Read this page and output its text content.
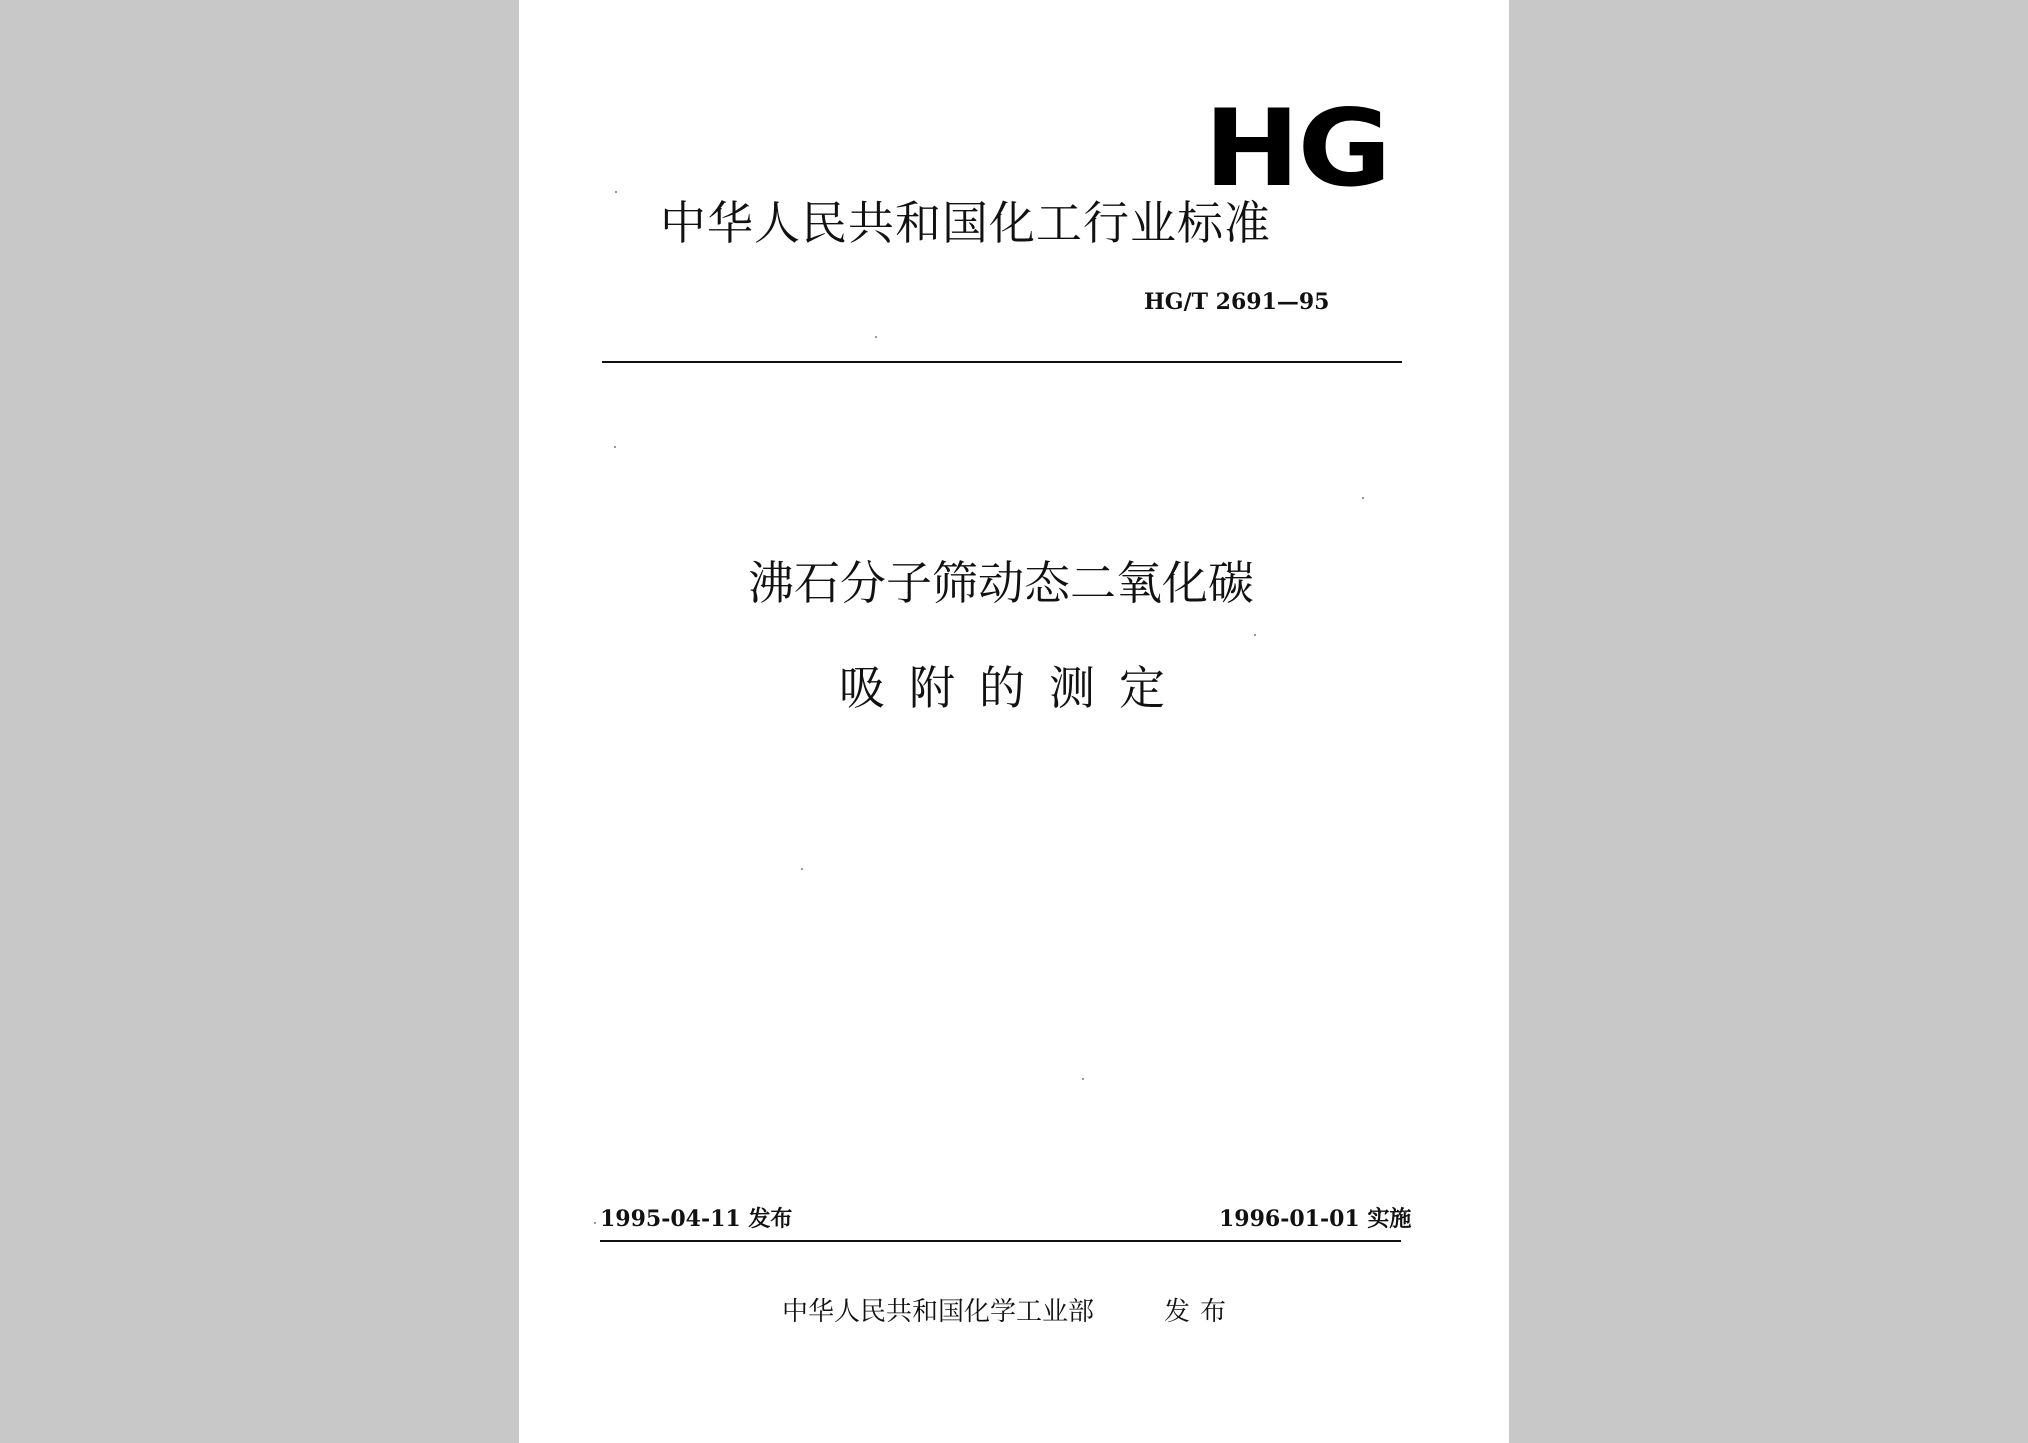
HG
中华人民共和国化工行业标准
HG/T 2691—95
沸石分子筛动态二氧化碳
吸附的测定
1995-04-11 发布	1996-01-01 实施
中华人民共和国化学工业部	发布
